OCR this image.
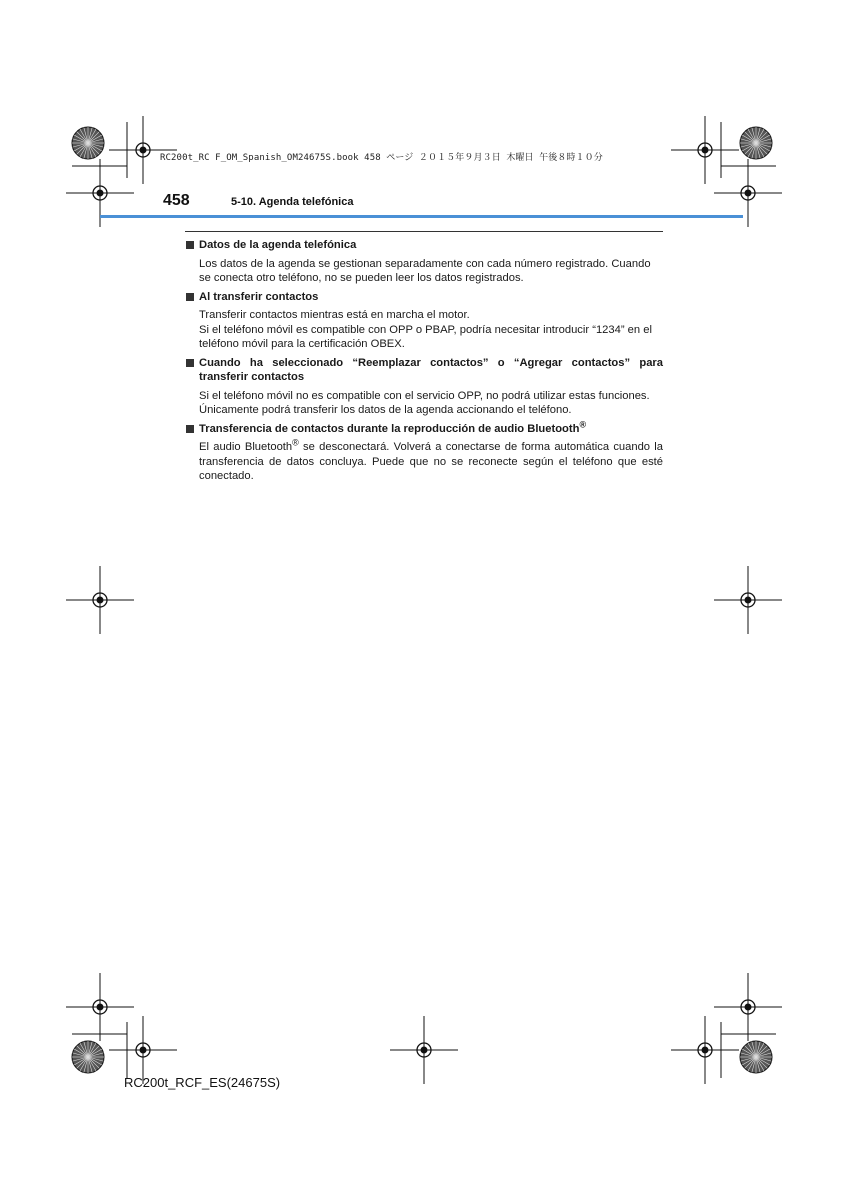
RC200t_RC F_OM_Spanish_OM24675S.book 458 ページ ２０１５年９月３日 木曜日 午後８時１０分
458	5-10. Agenda telefónica
Datos de la agenda telefónica
Los datos de la agenda se gestionan separadamente con cada número registrado. Cuando se conecta otro teléfono, no se pueden leer los datos registrados.
Al transferir contactos
Transferir contactos mientras está en marcha el motor.
Si el teléfono móvil es compatible con OPP o PBAP, podría necesitar introducir “1234” en el teléfono móvil para la certificación OBEX.
Cuando ha seleccionado “Reemplazar contactos” o “Agregar contactos” para transferir contactos
Si el teléfono móvil no es compatible con el servicio OPP, no podrá utilizar estas funciones. Únicamente podrá transferir los datos de la agenda accionando el teléfono.
Transferencia de contactos durante la reproducción de audio Bluetooth®
El audio Bluetooth® se desconectará. Volverá a conectarse de forma automática cuando la transferencia de datos concluya. Puede que no se reconecte según el teléfono que esté conectado.
RC200t_RCF_ES(24675S)
